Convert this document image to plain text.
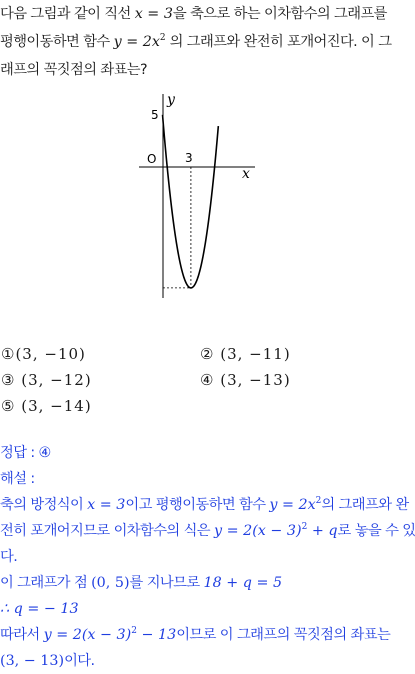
다음 그림과 같이 직선 x = 3을 축으로 하는 이차함수의 그래프를
평행이동하면 함수 $y = 2x^2$ 의 그래프와 완전히 포개어진다. 이 그
래프의 꼭짓점의 좌표는?
y
x
O
5
3
①(3, −10)	② (3, −11)
③ (3, −12)	④ (3, −13)
⑤ (3, −14)
정답 : ④
해설 :
축의 방정식이 x = 3이고 평행이동하면 함수 $y = 2x^2$의 그래프와 완
전히 포개어지므로 이차함수의 식은 $y = 2(x - 3)^2 + q$로 놓을 수 있
다.
이 그래프가 점 (0, 5)를 지나므로 18 + q = 5
∴ q = − 13
따라서 $y = 2(x - 3)^2 - 13$이므로 이 그래프의 꼭짓점의 좌표는
(3, − 13)이다.
